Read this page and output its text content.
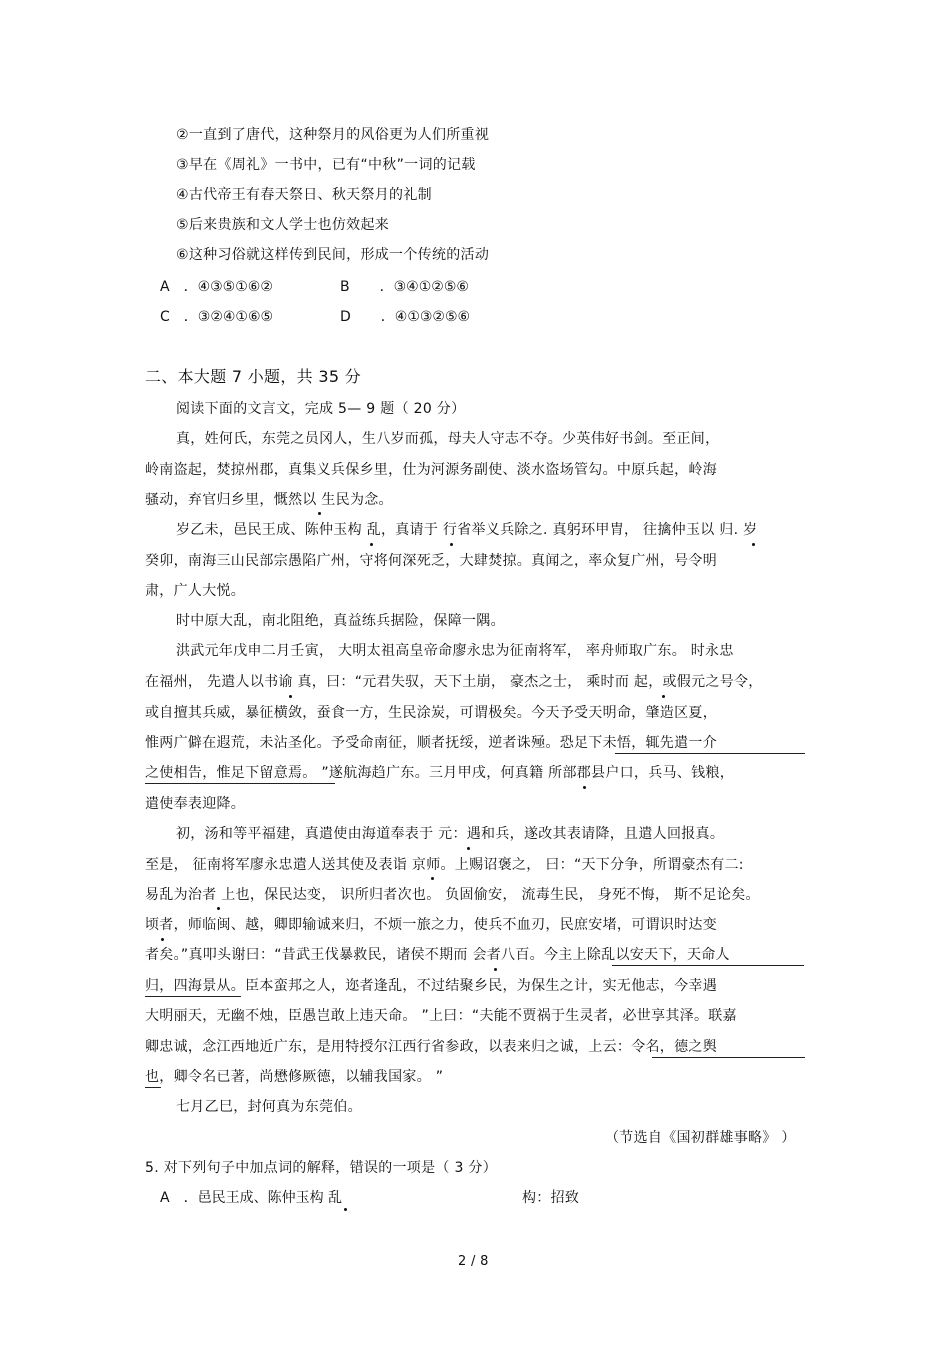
②一直到了唐代，这种祭月的风俗更为人们所重视
③早在《周礼》一书中，已有“中秋”一词的记载
④古代帝王有春天祭日、秋天祭月的礼制
⑤后来贵族和文人学士也仿效起来
⑥这种习俗就这样传到民间，形成一个传统的活动
A ．④③⑤①⑥②	B ．③④①②⑤⑥
C ．③②④①⑥⑤	D ．④①③②⑤⑥
二、本大题 7 小题，共 35 分
阅读下面的文言文，完成 5— 9 题（ 20 分）
真，姓何氏，东莞之员冈人，生八岁而孤，母夫人守志不夺。少英伟好书剑。至正间，
岭南盗起，焚掠州郡，真集义兵保乡里，仕为河源务副使、淡水盗场管勾。中原兵起，岭海
骚动，弃官归乡里，慨然以 生民为念。
岁乙未，邑民王成、陈仲玉构 乱，真请于 行省举义兵除之. 真躬环甲胄， 往擒仲玉以 归. 岁
癸卯，南海三山民部宗愚陷广州，守将何深死乏，大肆焚掠。真闻之，率众复广州，号令明
肃，广人大悦。
时中原大乱，南北阻绝，真益练兵据险，保障一隅。
洪武元年戊申二月壬寅， 大明太祖高皇帝命廖永忠为征南将军， 率舟师取广东。 时永忠
在福州， 先遣人以书谕 真，曰：“元君失驭，天下土崩， 豪杰之士， 乘时而 起，或假元之号令，
或自擅其兵威，暴征横敛，蚕食一方，生民涂炭，可谓极矣。今天予受天明命，肇造区夏，
惟两广僻在遐荒，未沾圣化。予受命南征，顺者抚绥，逆者诛殛。恐足下未悟，辄先遣一介
之使相告，惟足下留意焉。 ”遂航海趋广东。三月甲戌，何真籍 所部郡县户口，兵马、钱粮，
遣使奉表迎降。
初，汤和等平福建，真遣使由海道奉表于 元：遇和兵，遂改其表请降，且遣人回报真。
至是， 征南将军廖永忠遣人送其使及表诣 京师。上赐诏褒之， 曰：“天下分争，所谓豪杰有二:
易乱为治者 上也，保民达变， 识所归者次也。 负固偷安， 流毒生民， 身死不悔， 斯不足论矣。
顷者，师临闽、越，卿即输诚来归，不烦一旅之力，使兵不血刃，民庶安堵，可谓识时达变
者矣。”真叩头谢曰：“昔武王伐暴救民，诸侯不期而 会者八百。今主上除乱以安天下，天命人
归，四海景从。臣本蛮邦之人，迩者逢乱，不过结聚乡民，为保生之计，实无他志，今幸遇
大明丽天，无幽不烛，臣愚岂敢上违天命。 ”上曰：“夫能不贾祸于生灵者，必世享其泽。联嘉
卿忠诚，念江西地近广东，是用特授尔江西行省参政，以表来归之诚，上云：令名，德之舆
也，卿令名已著，尚懋修厥德，以辅我国家。 ”
七月乙巳，封何真为东莞伯。
（节选自《国初群雄事略》 ）
5. 对下列句子中加点词的解释，错误的一项是（ 3 分）
A ．邑民王成、陈仲玉构 乱	构：招致
2 / 8
